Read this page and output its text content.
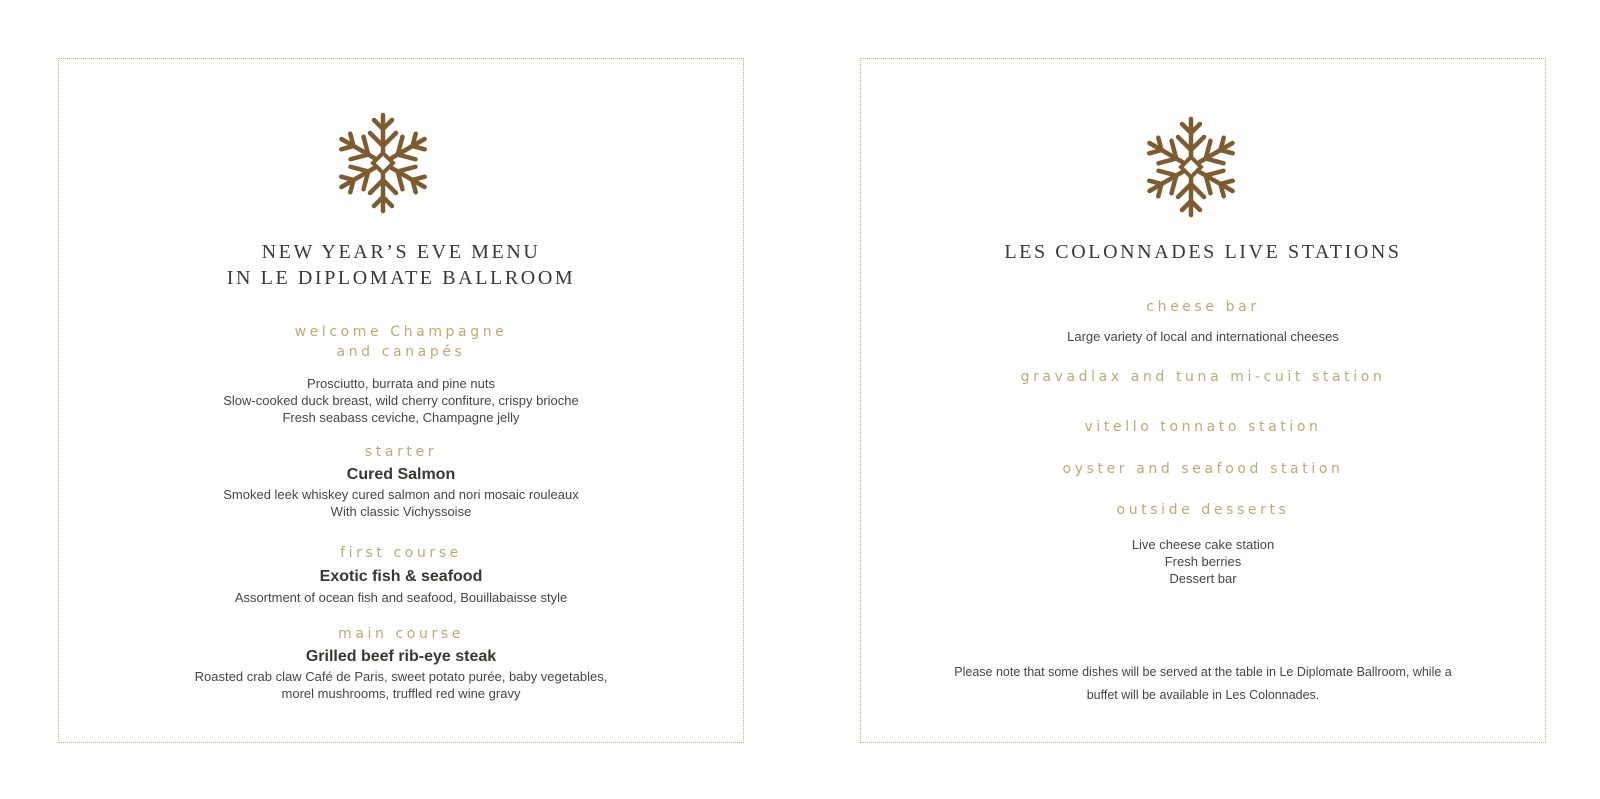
NEW YEAR’S EVE MENU
IN LE DIPLOMATE BALLROOM
welcome Champagne
and canapés
Prosciutto, burrata and pine nuts
Slow-cooked duck breast, wild cherry confiture, crispy brioche
Fresh seabass ceviche, Champagne jelly
starter
Cured Salmon
Smoked leek whiskey cured salmon and nori mosaic rouleaux
With classic Vichyssoise
first course
Exotic fish & seafood
Assortment of ocean fish and seafood, Bouillabaisse style
main course
Grilled beef rib-eye steak
Roasted crab claw Café de Paris, sweet potato purée, baby vegetables,
morel mushrooms, truffled red wine gravy
LES COLONNADES LIVE STATIONS
cheese bar
Large variety of local and international cheeses
gravadlax and tuna mi-cuit station
vitello tonnato station
oyster and seafood station
outside desserts
Live cheese cake station
Fresh berries
Dessert bar
Please note that some dishes will be served at the table in Le Diplomate Ballroom, while a
buffet will be available in Les Colonnades.
